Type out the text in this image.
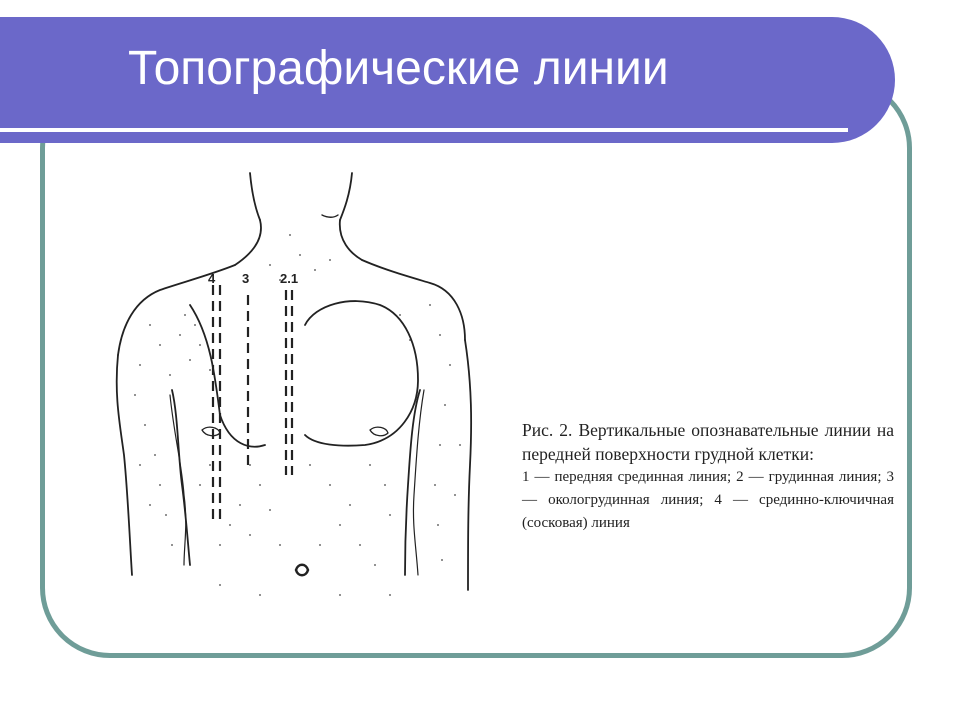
Топографические линии
4 3 2.1

Рис. 2. Вертикальные опознавательные линии на передней поверхности грудной клетки:

1 — передняя срединная линия; 2 — грудинная линия; 3 — окологрудинная линия; 4 — срединно-ключичная (сосковая) линия
